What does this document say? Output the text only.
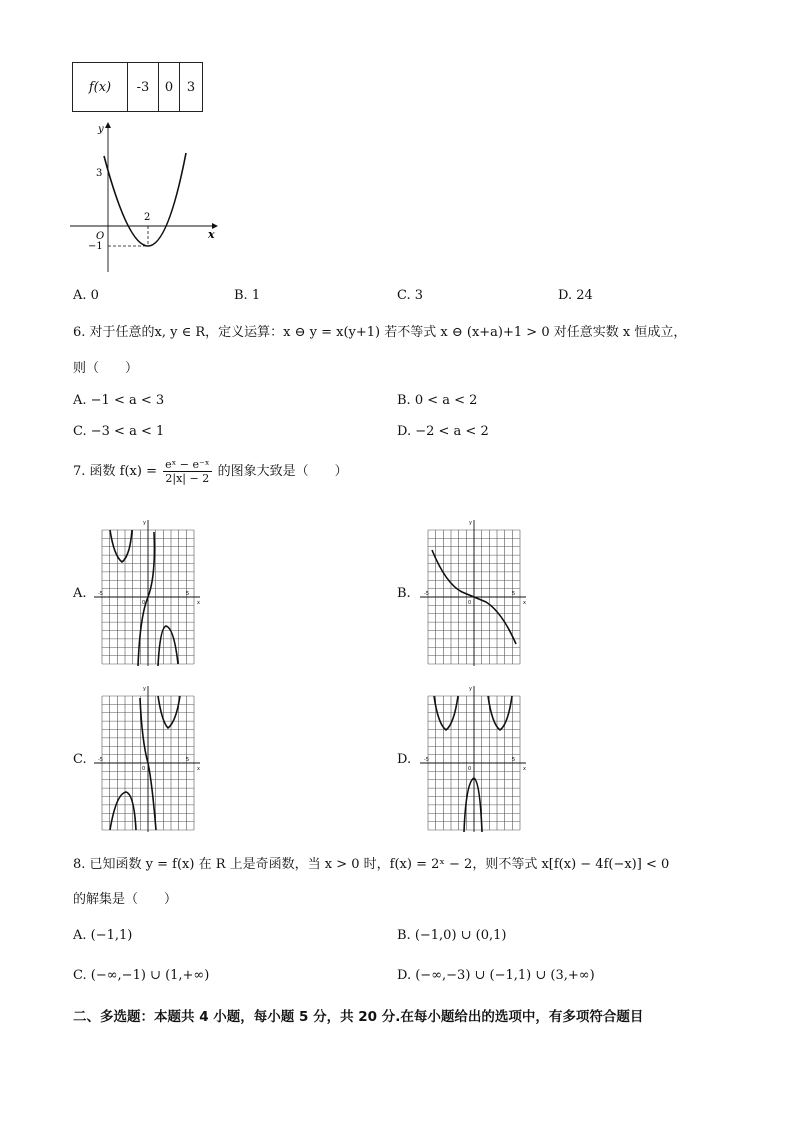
f(x)	-3	0	3
y
x
O
3
−1
2
A. 0	B. 1	C. 3	D. 24
6. 对于任意的x, y ∈ R，定义运算：x ⊖ y = x(y+1) 若不等式 x ⊖ (x+a)+1 > 0 对任意实数 x 恒成立，
则（　　）
A. −1 < a < 3	B. 0 < a < 2
C. −3 < a < 1	D. −2 < a < 2
7. 函数 $f(x) = \frac{\text{eˣ − e⁻ˣ}}{2|x| - 2}$ 的图象大致是（　　）
A.	B.
C.	D.
y
x
0
-5	5
y
x
0
-5	5
y
x
0
-5	5
y
x
0
-5	5
8. 已知函数 y = f(x) 在 R 上是奇函数，当 x > 0 时，f(x) = 2ˣ − 2，则不等式 x[f(x) − 4f(−x)] < 0
的解集是（　　）
A. (−1,1)	B. (−1,0) ∪ (0,1)
C. (−∞,−1) ∪ (1,+∞)	D. (−∞,−3) ∪ (−1,1) ∪ (3,+∞)
二、多选题：本题共 4 小题，每小题 5 分，共 20 分.在每小题给出的选项中，有多项符合题目
